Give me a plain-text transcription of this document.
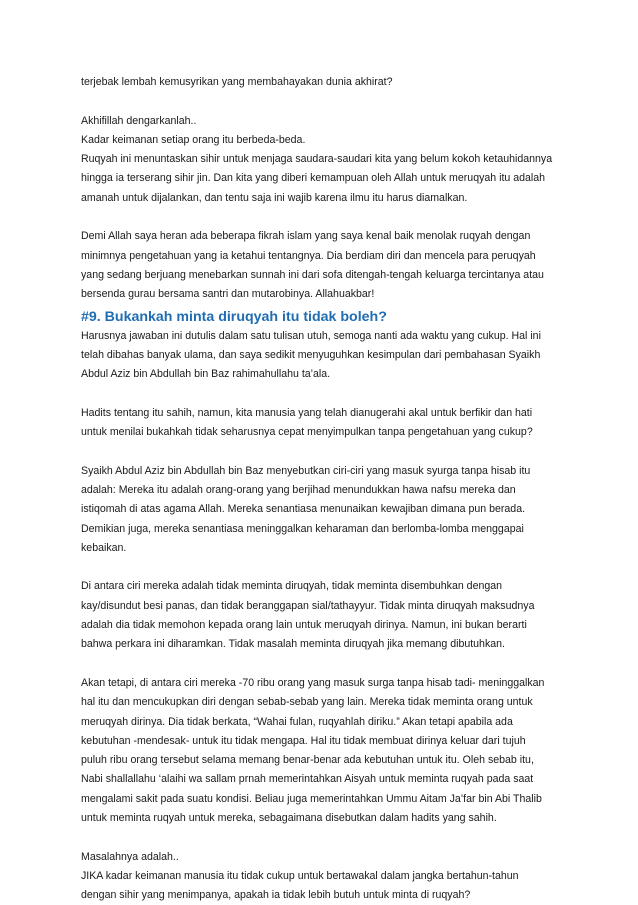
terjebak lembah kemusyrikan yang membahayakan dunia akhirat?
Akhifillah dengarkanlah..
Kadar keimanan setiap orang itu berbeda-beda.
Ruqyah ini menuntaskan sihir untuk menjaga saudara-saudari kita yang belum kokoh ketauhidannya
hingga ia terserang sihir jin. Dan kita yang diberi kemampuan oleh Allah untuk meruqyah itu adalah
amanah untuk dijalankan, dan tentu saja ini wajib karena ilmu itu harus diamalkan.
Demi Allah saya heran ada beberapa fikrah islam yang saya kenal baik menolak ruqyah dengan
minimnya pengetahuan yang ia ketahui tentangnya. Dia berdiam diri dan mencela para peruqyah
yang sedang berjuang menebarkan sunnah ini dari sofa ditengah-tengah keluarga tercintanya atau
bersenda gurau bersama santri dan mutarobinya. Allahuakbar!
#9. Bukankah minta diruqyah itu tidak boleh?
Harusnya jawaban ini dutulis dalam satu tulisan utuh, semoga nanti ada waktu yang cukup. Hal ini
telah dibahas banyak ulama, dan saya sedikit menyuguhkan kesimpulan dari pembahasan Syaikh
Abdul Aziz bin Abdullah bin Baz rahimahullahu ta’ala.
Hadits tentang itu sahih, namun, kita manusia yang telah dianugerahi akal untuk berfikir dan hati
untuk menilai bukahkah tidak seharusnya cepat menyimpulkan tanpa pengetahuan yang cukup?
Syaikh Abdul Aziz bin Abdullah bin Baz menyebutkan ciri-ciri yang masuk syurga tanpa hisab itu
adalah: Mereka itu adalah orang-orang yang berjihad menundukkan hawa nafsu mereka dan
istiqomah di atas agama Allah. Mereka senantiasa menunaikan kewajiban dimana pun berada.
Demikian juga, mereka senantiasa meninggalkan keharaman dan berlomba-lomba menggapai
kebaikan.
Di antara ciri mereka adalah tidak meminta diruqyah, tidak meminta disembuhkan dengan
kay/disundut besi panas, dan tidak beranggapan sial/tathayyur. Tidak minta diruqyah maksudnya
adalah dia tidak memohon kepada orang lain untuk meruqyah dirinya. Namun, ini bukan berarti
bahwa perkara ini diharamkan. Tidak masalah meminta diruqyah jika memang dibutuhkan.
Akan tetapi, di antara ciri mereka -70 ribu orang yang masuk surga tanpa hisab tadi- meninggalkan
hal itu dan mencukupkan diri dengan sebab-sebab yang lain. Mereka tidak meminta orang untuk
meruqyah dirinya. Dia tidak berkata, “Wahai fulan, ruqyahlah diriku.” Akan tetapi apabila ada
kebutuhan -mendesak- untuk itu tidak mengapa. Hal itu tidak membuat dirinya keluar dari tujuh
puluh ribu orang tersebut selama memang benar-benar ada kebutuhan untuk itu. Oleh sebab itu,
Nabi shallallahu ‘alaihi wa sallam prnah memerintahkan Aisyah untuk meminta ruqyah pada saat
mengalami sakit pada suatu kondisi. Beliau juga memerintahkan Ummu Aitam Ja’far bin Abi Thalib
untuk meminta ruqyah untuk mereka, sebagaimana disebutkan dalam hadits yang sahih.
Masalahnya adalah..
JIKA kadar keimanan manusia itu tidak cukup untuk bertawakal dalam jangka bertahun-tahun
dengan sihir yang menimpanya, apakah ia tidak lebih butuh untuk minta di ruqyah?
